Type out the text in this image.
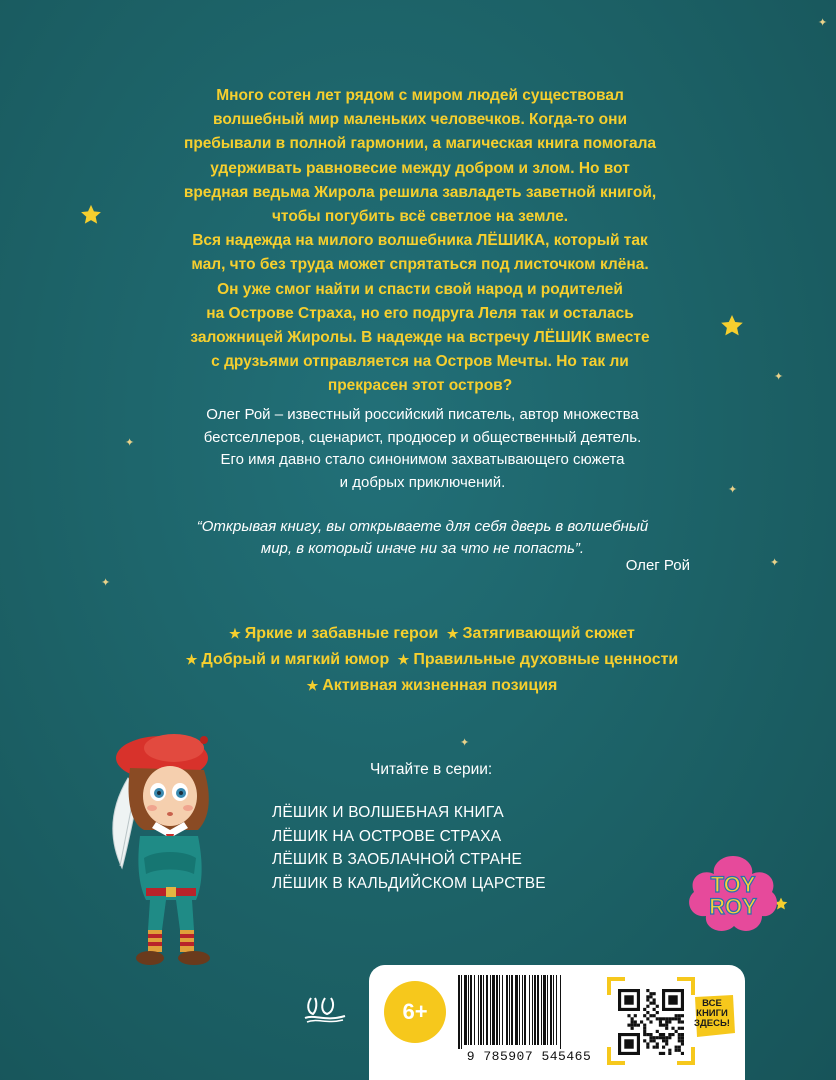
✦
✦
✦
✦
✦
✦
✦

Много сотен лет рядом с миром людей существовал
волшебный мир маленьких человечков. Когда-то они
пребывали в полной гармонии, а магическая книга помогала
удерживать равновесие между добром и злом. Но вот
вредная ведьма Жирола решила завладеть заветной книгой,
чтобы погубить всё светлое на земле.
Вся надежда на милого волшебника ЛЁШИКА, который так
мал, что без труда может спрятаться под листочком клёна.
Он уже смог найти и спасти свой народ и родителей
на Острове Страха, но его подруга Леля так и осталась
заложницей Жиролы. В надежде на встречу ЛЁШИК вместе
с друзьями отправляется на Остров Мечты. Но так ли
прекрасен этот остров?

Олег Рой – известный российский писатель, автор множества
бестселлеров, сценарист, продюсер и общественный деятель.
Его имя давно стало синонимом захватывающего сюжета
и добрых приключений.
“Открывая книгу, вы открываете для себя дверь в волшебный
мир, в который иначе ни за что не попасть”.
Олег Рой
★ Яркие и забавные герои ★ Затягивающий сюжет
★ Добрый и мягкий юмор ★ Правильные духовные ценности
★ Активная жизненная позиция
Читайте в серии:
ЛЁШИК И ВОЛШЕБНАЯ КНИГА
ЛЁШИК НА ОСТРОВЕ СТРАХА
ЛЁШИК В ЗАОБЛАЧНОЙ СТРАНЕ
ЛЁШИК В КАЛЬДИЙСКОМ ЦАРСТВЕ	TOY
ROY
6+
9 785907 545465
ВСЕ
КНИГИ
ЗДЕСЬ!
